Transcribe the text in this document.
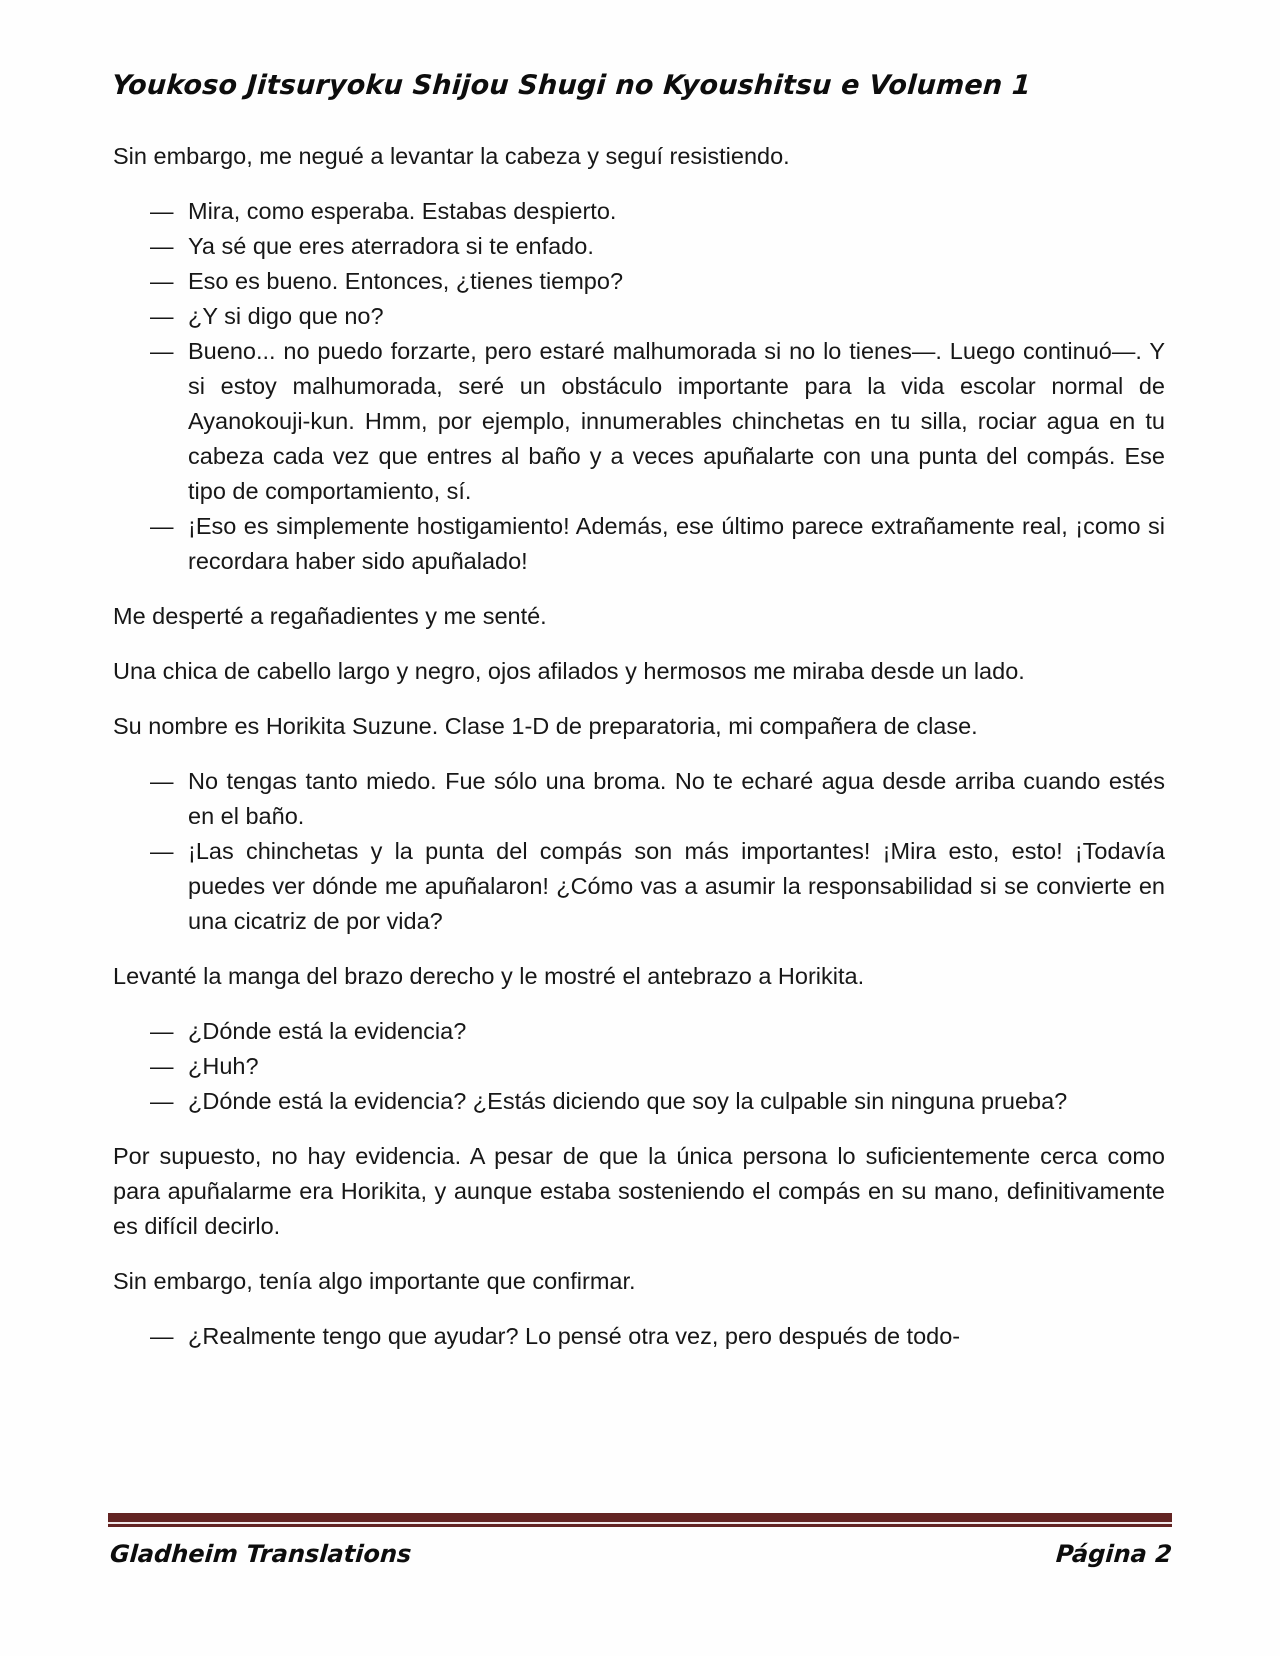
Youkoso Jitsuryoku Shijou Shugi no Kyoushitsu e Volumen 1

Sin embargo, me negué a levantar la cabeza y seguí resistiendo.

— Mira, como esperaba. Estabas despierto.
— Ya sé que eres aterradora si te enfado.
— Eso es bueno. Entonces, ¿tienes tiempo?
— ¿Y si digo que no?
— Bueno... no puedo forzarte, pero estaré malhumorada si no lo tienes—. Luego continuó—. Y si estoy malhumorada, seré un obstáculo importante para la vida escolar normal de Ayanokouji-kun. Hmm, por ejemplo, innumerables chinchetas en tu silla, rociar agua en tu cabeza cada vez que entres al baño y a veces apuñalarte con una punta del compás. Ese tipo de comportamiento, sí.
— ¡Eso es simplemente hostigamiento! Además, ese último parece extrañamente real, ¡como si recordara haber sido apuñalado!

Me desperté a regañadientes y me senté.

Una chica de cabello largo y negro, ojos afilados y hermosos me miraba desde un lado.

Su nombre es Horikita Suzune. Clase 1-D de preparatoria, mi compañera de clase.

— No tengas tanto miedo. Fue sólo una broma. No te echaré agua desde arriba cuando estés en el baño.
— ¡Las chinchetas y la punta del compás son más importantes! ¡Mira esto, esto! ¡Todavía puedes ver dónde me apuñalaron! ¿Cómo vas a asumir la responsabilidad si se convierte en una cicatriz de por vida?

Levanté la manga del brazo derecho y le mostré el antebrazo a Horikita.

— ¿Dónde está la evidencia?
— ¿Huh?
— ¿Dónde está la evidencia? ¿Estás diciendo que soy la culpable sin ninguna prueba?

Por supuesto, no hay evidencia. A pesar de que la única persona lo suficientemente cerca como para apuñalarme era Horikita, y aunque estaba sosteniendo el compás en su mano, definitivamente es difícil decirlo.

Sin embargo, tenía algo importante que confirmar.

— ¿Realmente tengo que ayudar? Lo pensé otra vez, pero después de todo-
Gladheim Translations	Página 2
